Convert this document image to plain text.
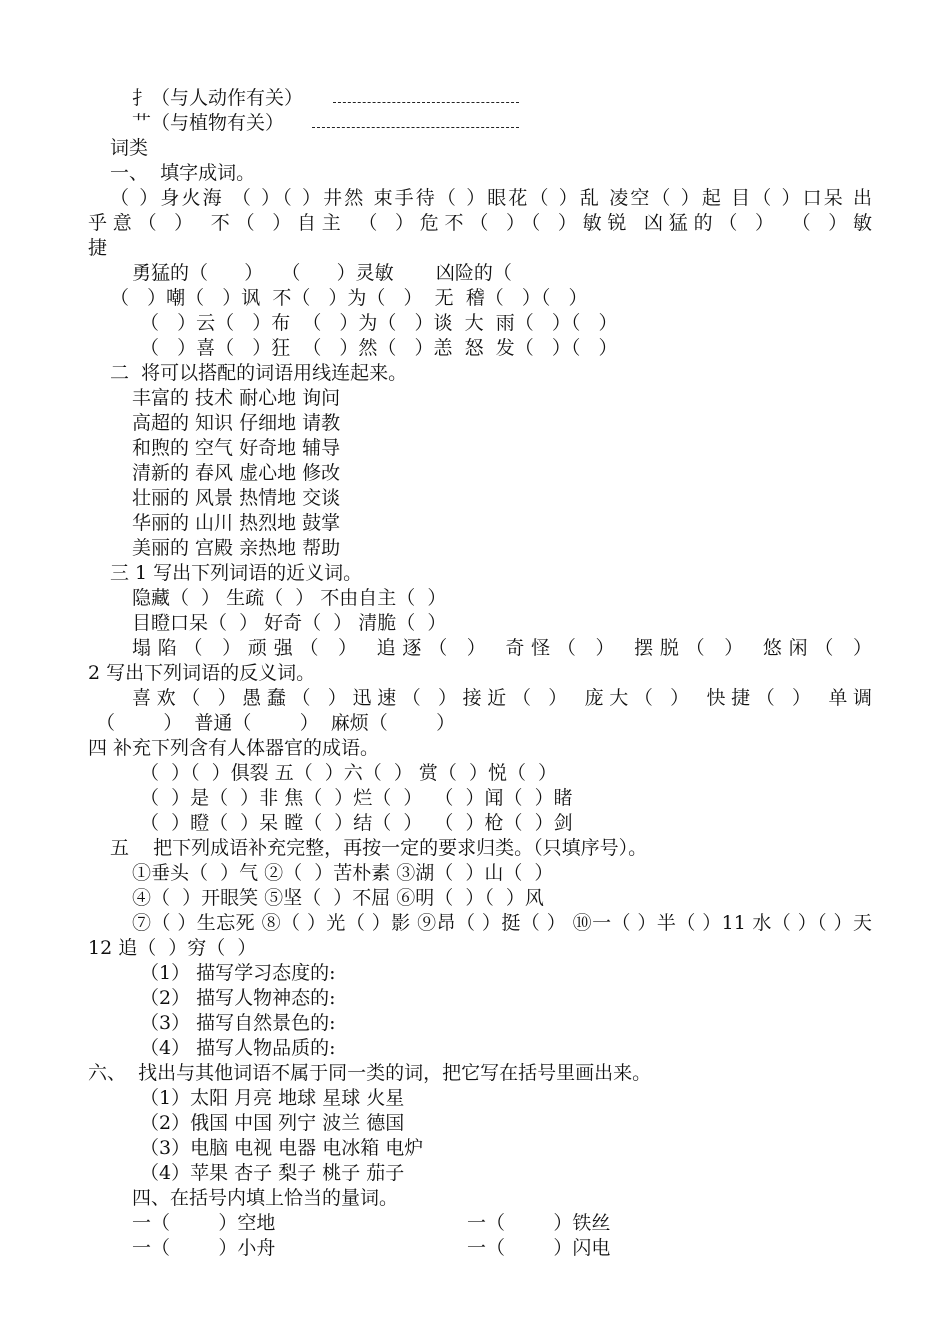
扌（与人动作有关）
艹（与植物有关）
词类
一、  填字成词。
（ ）身火海 （ ）（ ）井然 束手待（ ）眼花（ ）乱 凌空（ ）起 目（ ）口呆 出
乎意（ ） 不（ ）自主 （ ）危不（ ）（ ）敏锐 凶猛的（ ） （ ）敏
捷
勇猛的（      ）   （      ）灵敏       凶险的（
（   ）嘲（   ）讽  不（   ）为（   ）  无  稽（   ）（   ）
（   ）云（   ）布  （   ）为（   ）谈  大  雨（   ）（   ）
（   ）喜（   ）狂  （   ）然（   ）恙  怒  发（   ）（   ）
二  将可以搭配的词语用线连起来。
丰富的 技术 耐心地 询问
高超的 知识 仔细地 请教
和煦的 空气 好奇地 辅导
清新的 春风 虚心地 修改
壮丽的 风景 热情地 交谈
华丽的 山川 热烈地 鼓掌
美丽的 宫殿 亲热地 帮助
三 1 写出下列词语的近义词。
隐藏（  ） 生疏（  ） 不由自主（  ）
目瞪口呆（  ） 好奇（  ） 清脆（  ）
塌陷（ ）顽强（ ） 追逐（ ） 奇怪（ ） 摆脱（ ） 悠闲（ ）
2 写出下列词语的反义词。
喜欢（ ）愚蠢（ ）迅速（ ）接近（ ） 庞大（ ） 快捷（ ） 单调
（        ）  普通（        ）  麻烦（        ）
四 补充下列含有人体器官的成语。
（  ）（  ）俱裂 五（  ）六（  ） 赏（  ）悦（  ）
（  ）是（  ）非 焦（  ）烂（  ）  （  ）闻（  ）睹
（  ）瞪（  ）呆 瞠（  ）结（  ）  （  ）枪（  ）剑
五    把下列成语补充完整，再按一定的要求归类。（只填序号）。
①垂头（  ）气 ②（  ）苦朴素 ③湖（  ）山（  ）
④（  ）开眼笑 ⑤坚（  ）不屈 ⑥明（  ）（  ）风
⑦（ ）生忘死 ⑧（ ）光（ ）影 ⑨昂（ ）挺（ ） ⑩一（ ）半（ ）11 水（ ）（ ）天
12 追（  ）穷（  ）
（1） 描写学习态度的:
（2） 描写人物神态的:
（3） 描写自然景色的:
（4） 描写人物品质的:
六、  找出与其他词语不属于同一类的词，把它写在括号里画出来。
（1）太阳 月亮 地球 星球 火星
（2）俄国 中国 列宁 波兰 德国
（3）电脑 电视 电器 电冰箱 电炉
（4）苹果 杏子 梨子 桃子 茄子
四、在括号内填上恰当的量词。
一（        ）空地	一（        ）铁丝
一（        ）小舟	一（        ）闪电
